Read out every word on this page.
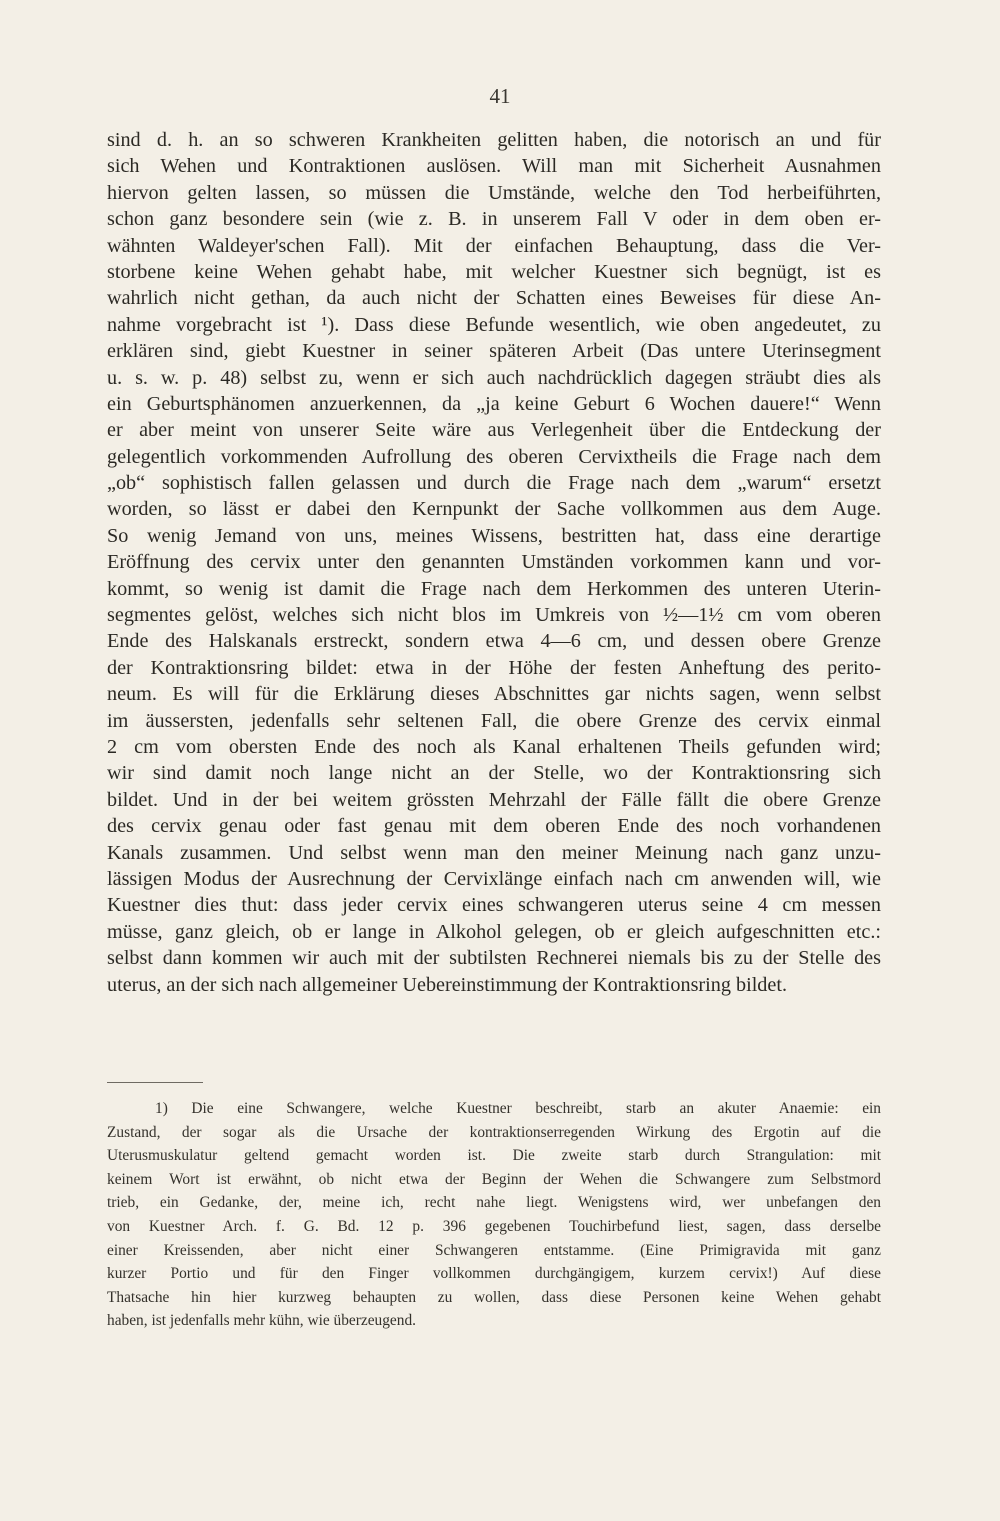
41
sind d. h. an so schweren Krankheiten gelitten haben, die notorisch an und für
sich Wehen und Kontraktionen auslösen. Will man mit Sicherheit Ausnahmen
hiervon gelten lassen, so müssen die Umstände, welche den Tod herbeiführten,
schon ganz besondere sein (wie z. B. in unserem Fall V oder in dem oben er-
wähnten Waldeyer'schen Fall). Mit der einfachen Behauptung, dass die Ver-
storbene keine Wehen gehabt habe, mit welcher Kuestner sich begnügt, ist es
wahrlich nicht gethan, da auch nicht der Schatten eines Beweises für diese An-
nahme vorgebracht ist ¹). Dass diese Befunde wesentlich, wie oben angedeutet, zu
erklären sind, giebt Kuestner in seiner späteren Arbeit (Das untere Uterinsegment
u. s. w. p. 48) selbst zu, wenn er sich auch nachdrücklich dagegen sträubt dies als
ein Geburtsphänomen anzuerkennen, da „ja keine Geburt 6 Wochen dauere!“ Wenn
er aber meint von unserer Seite wäre aus Verlegenheit über die Entdeckung der
gelegentlich vorkommenden Aufrollung des oberen Cervixtheils die Frage nach dem
„ob“ sophistisch fallen gelassen und durch die Frage nach dem „warum“ ersetzt
worden, so lässt er dabei den Kernpunkt der Sache vollkommen aus dem Auge.
So wenig Jemand von uns, meines Wissens, bestritten hat, dass eine derartige
Eröffnung des cervix unter den genannten Umständen vorkommen kann und vor-
kommt, so wenig ist damit die Frage nach dem Herkommen des unteren Uterin-
segmentes gelöst, welches sich nicht blos im Umkreis von ½—1½ cm vom oberen
Ende des Halskanals erstreckt, sondern etwa 4—6 cm, und dessen obere Grenze
der Kontraktionsring bildet: etwa in der Höhe der festen Anheftung des perito-
neum. Es will für die Erklärung dieses Abschnittes gar nichts sagen, wenn selbst
im äussersten, jedenfalls sehr seltenen Fall, die obere Grenze des cervix einmal
2 cm vom obersten Ende des noch als Kanal erhaltenen Theils gefunden wird;
wir sind damit noch lange nicht an der Stelle, wo der Kontraktionsring sich
bildet. Und in der bei weitem grössten Mehrzahl der Fälle fällt die obere Grenze
des cervix genau oder fast genau mit dem oberen Ende des noch vorhandenen
Kanals zusammen. Und selbst wenn man den meiner Meinung nach ganz unzu-
lässigen Modus der Ausrechnung der Cervixlänge einfach nach cm anwenden will, wie
Kuestner dies thut: dass jeder cervix eines schwangeren uterus seine 4 cm messen
müsse, ganz gleich, ob er lange in Alkohol gelegen, ob er gleich aufgeschnitten etc.:
selbst dann kommen wir auch mit der subtilsten Rechnerei niemals bis zu der Stelle des
uterus, an der sich nach allgemeiner Uebereinstimmung der Kontraktionsring bildet.
1) Die eine Schwangere, welche Kuestner beschreibt, starb an akuter Anaemie: ein
Zustand, der sogar als die Ursache der kontraktionserregenden Wirkung des Ergotin auf die
Uterusmuskulatur geltend gemacht worden ist. Die zweite starb durch Strangulation: mit
keinem Wort ist erwähnt, ob nicht etwa der Beginn der Wehen die Schwangere zum Selbstmord
trieb, ein Gedanke, der, meine ich, recht nahe liegt. Wenigstens wird, wer unbefangen den
von Kuestner Arch. f. G. Bd. 12 p. 396 gegebenen Touchirbefund liest, sagen, dass derselbe
einer Kreissenden, aber nicht einer Schwangeren entstamme. (Eine Primigravida mit ganz
kurzer Portio und für den Finger vollkommen durchgängigem, kurzem cervix!) Auf diese
Thatsache hin hier kurzweg behaupten zu wollen, dass diese Personen keine Wehen gehabt
haben, ist jedenfalls mehr kühn, wie überzeugend.
